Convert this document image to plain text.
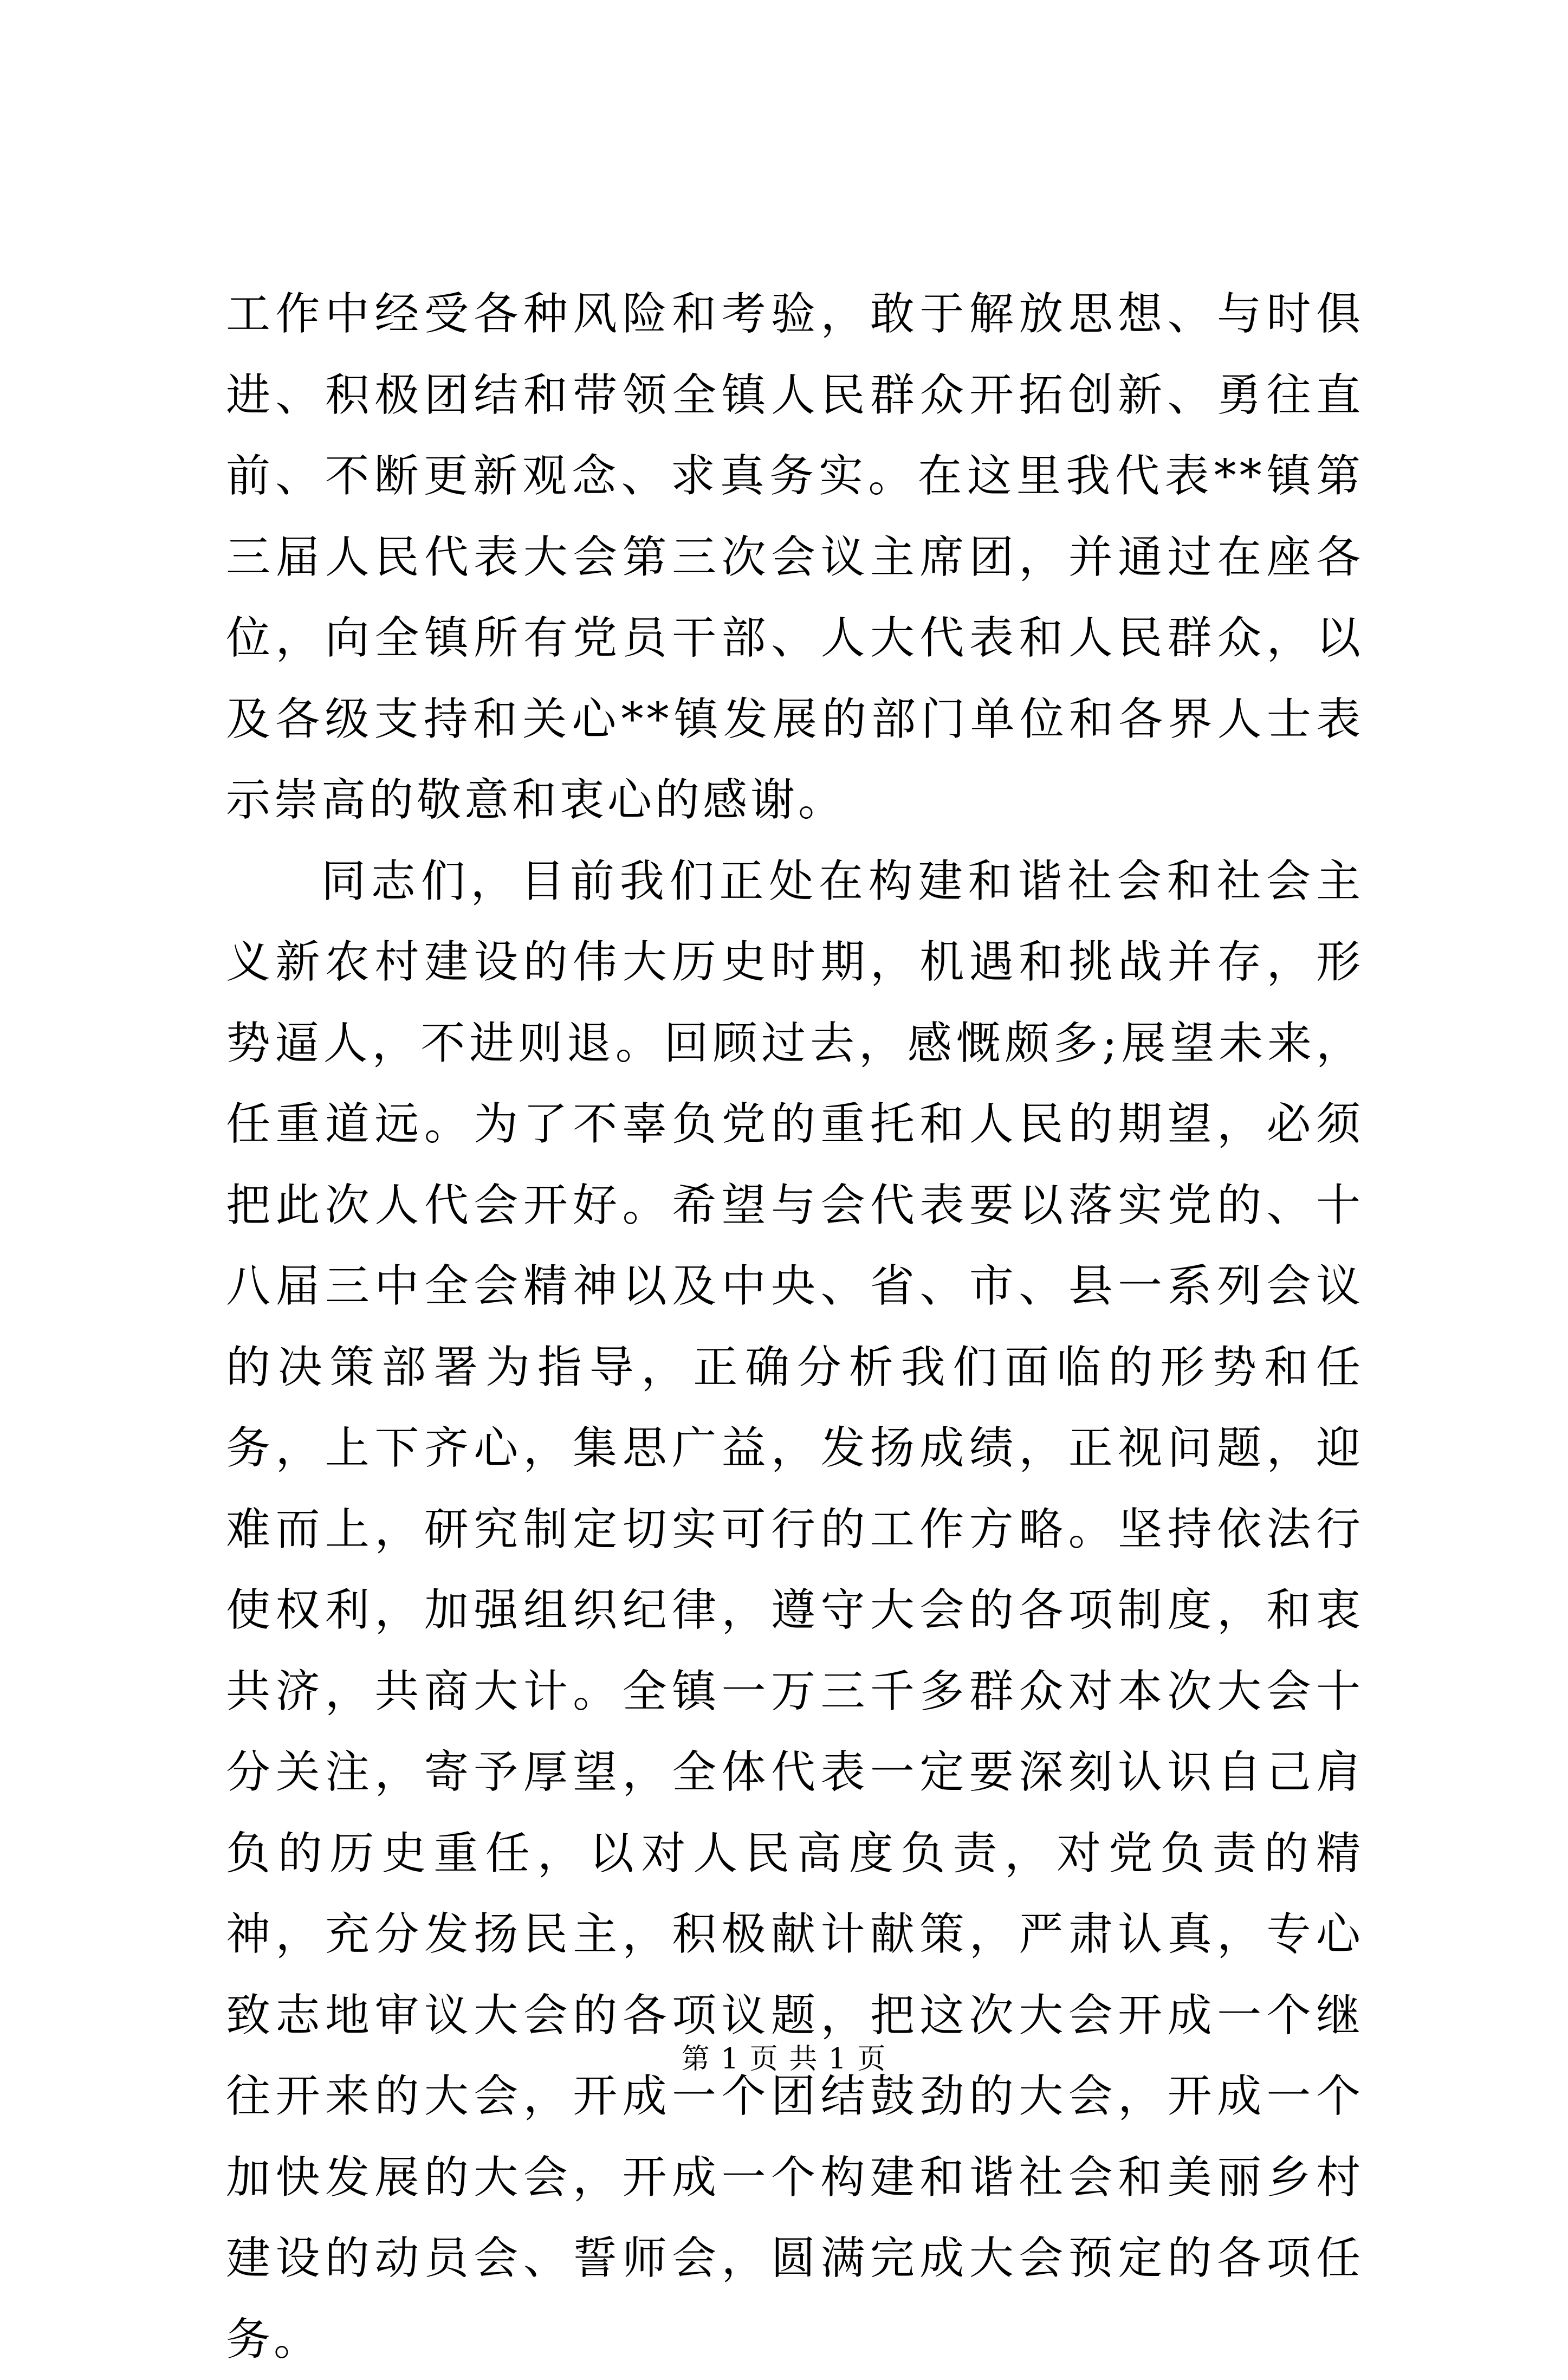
工作中经受各种风险和考验，敢于解放思想、与时俱进、积极团结和带领全镇人民群众开拓创新、勇往直前、不断更新观念、求真务实。在这里我代表**镇第三届人民代表大会第三次会议主席团，并通过在座各位，向全镇所有党员干部、人大代表和人民群众，以及各级支持和关心**镇发展的部门单位和各界人士表示崇高的敬意和衷心的感谢。

同志们，目前我们正处在构建和谐社会和社会主义新农村建设的伟大历史时期，机遇和挑战并存，形势逼人，不进则退。回顾过去，感慨颇多;展望未来，任重道远。为了不辜负党的重托和人民的期望，必须把此次人代会开好。希望与会代表要以落实党的、十八届三中全会精神以及中央、省、市、县一系列会议的决策部署为指导，正确分析我们面临的形势和任务，上下齐心，集思广益，发扬成绩，正视问题，迎难而上，研究制定切实可行的工作方略。坚持依法行使权利，加强组织纪律，遵守大会的各项制度，和衷共济，共商大计。全镇一万三千多群众对本次大会十分关注，寄予厚望，全体代表一定要深刻认识自己肩负的历史重任，以对人民高度负责，对党负责的精神，充分发扬民主，积极献计献策，严肃认真，专心致志地审议大会的各项议题，把这次大会开成一个继往开来的大会，开成一个团结鼓劲的大会，开成一个加快发展的大会，开成一个构建和谐社会和美丽乡村建设的动员会、誓师会，圆满完成大会预定的各项任务。

第 1 页 共 1 页
